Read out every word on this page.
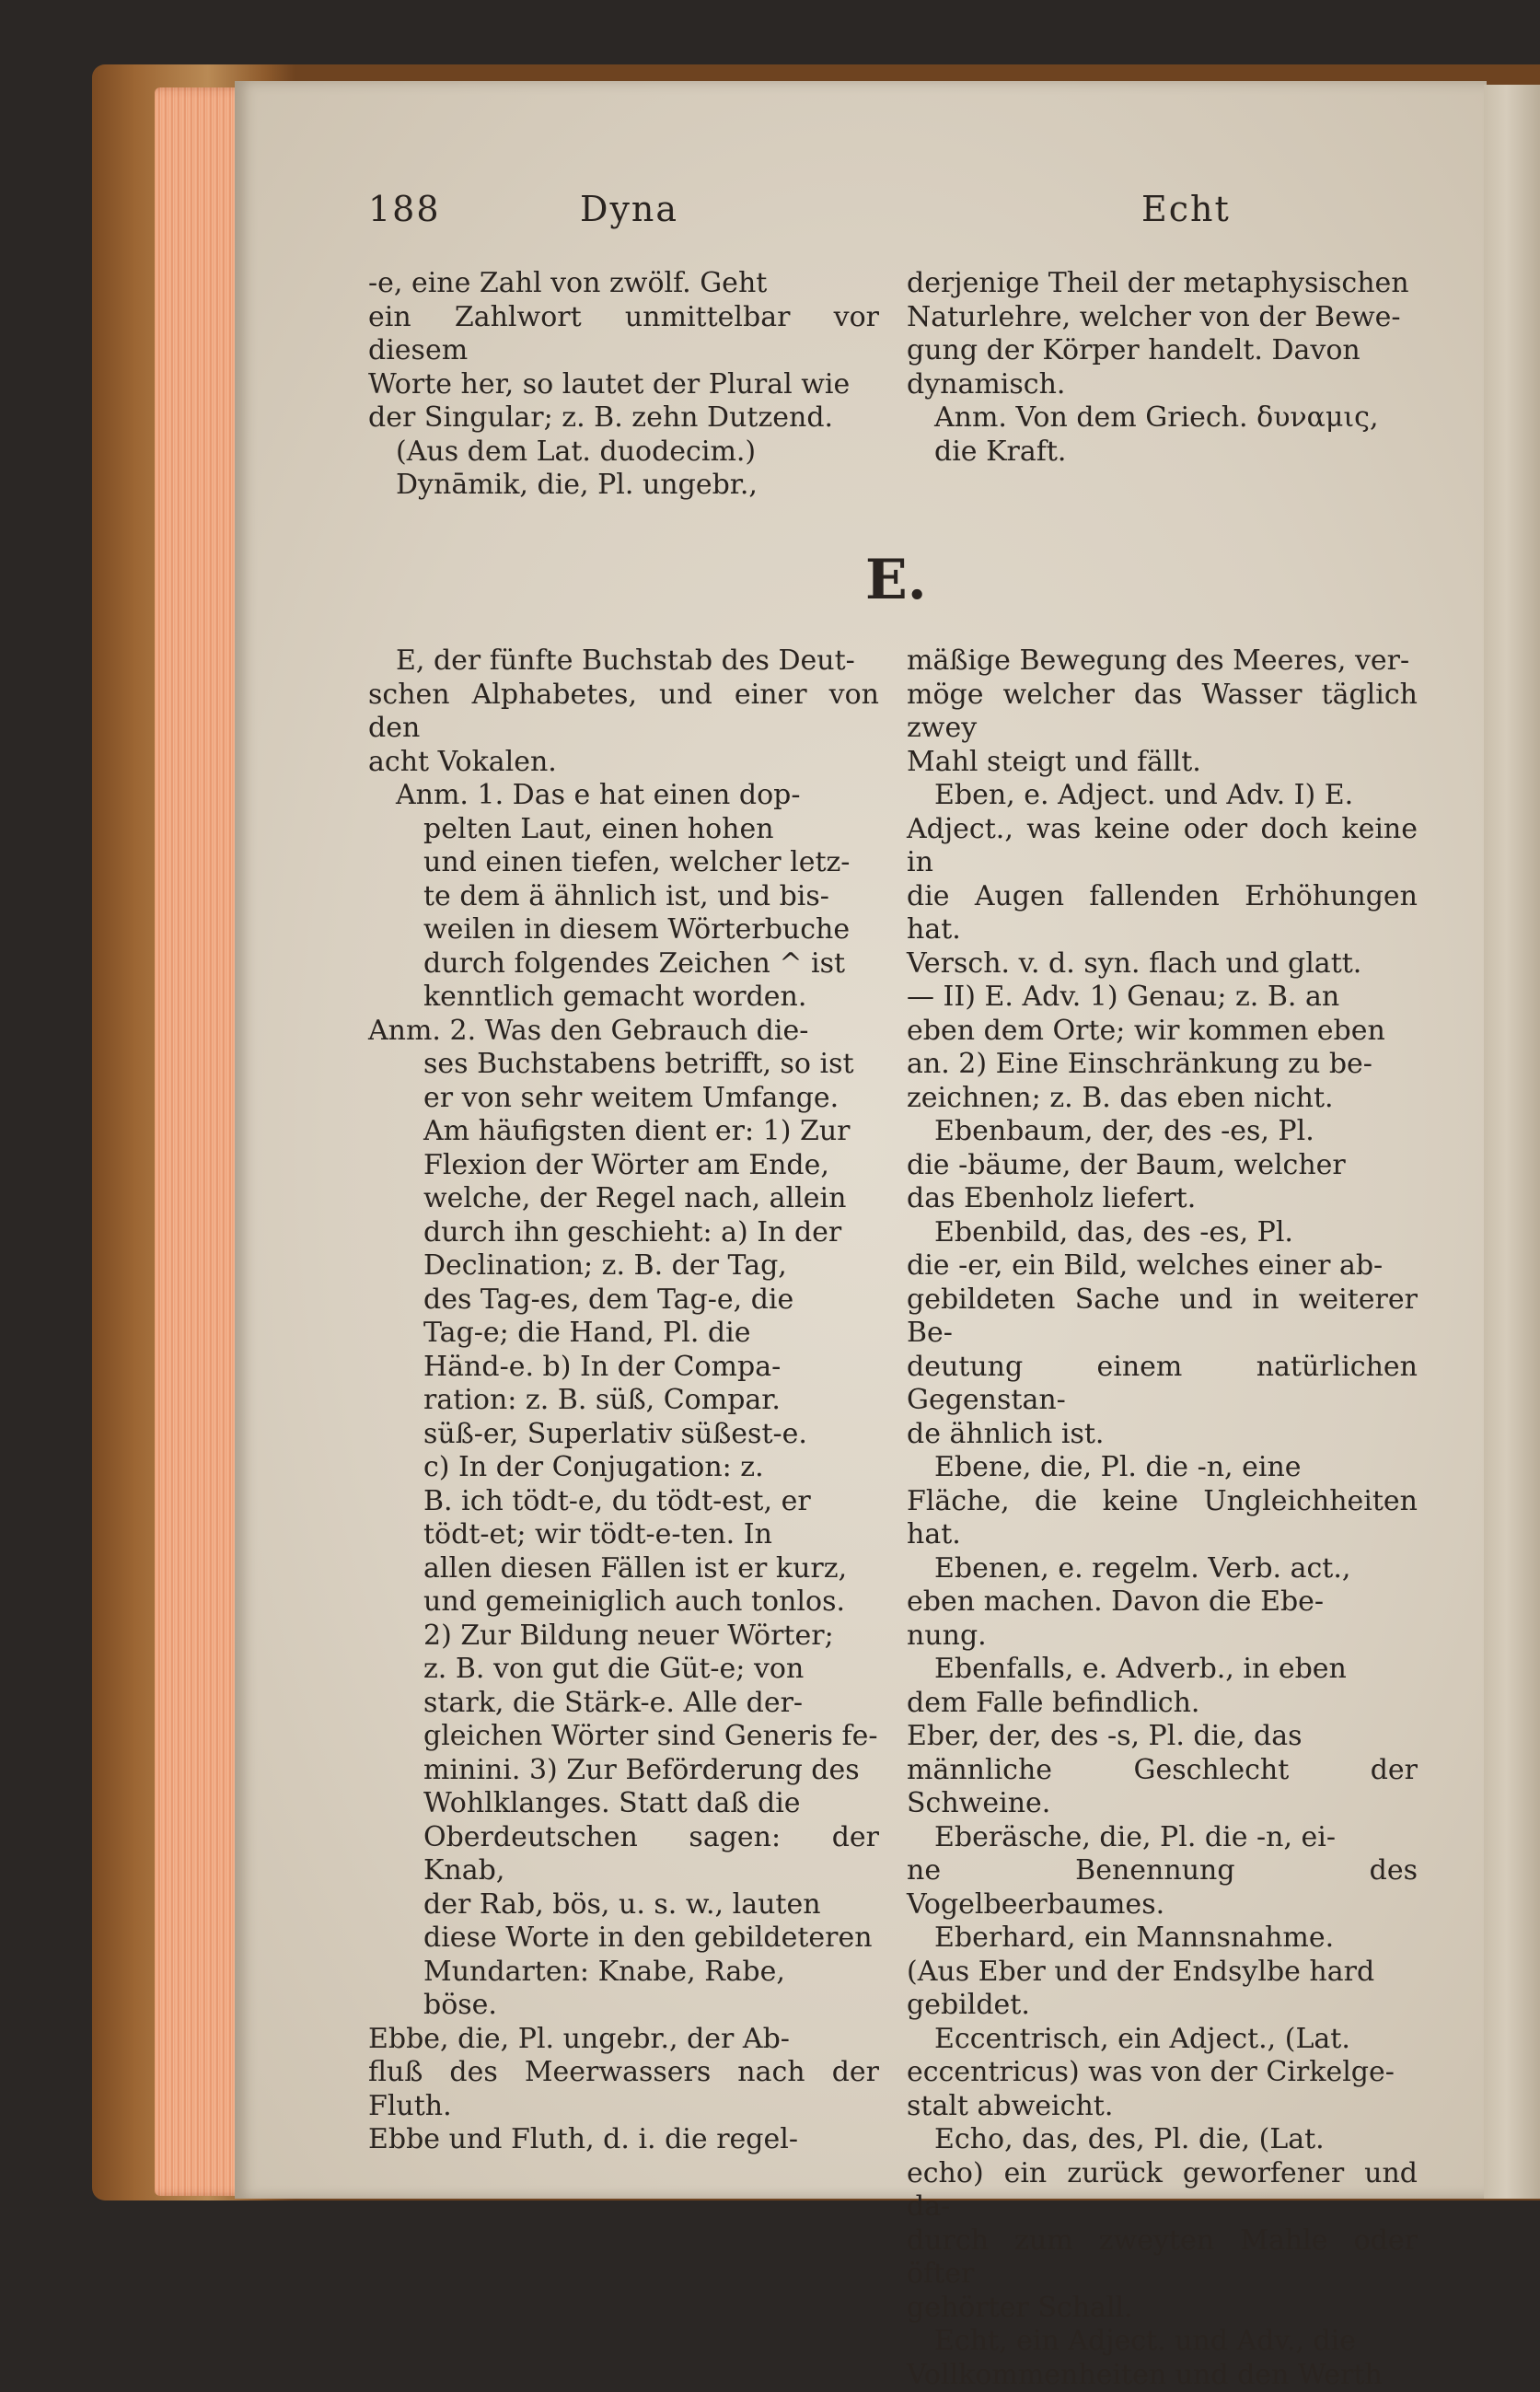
188	Dyna	Echt

-e, eine Zahl von zwölf. Geht

ein Zahlwort unmittelbar vor diesem

Worte her, so lautet der Plural wie

der Singular; z. B. zehn Dutzend.

(Aus dem Lat. duodecim.)

Dynāmik, die, Pl. ungebr.,

derjenige Theil der metaphysischen

Naturlehre, welcher von der Bewe-

gung der Körper handelt. Davon

dynamisch.

Anm. Von dem Griech. δυναμις,

die Kraft.

E.

E, der fünfte Buchstab des Deut-

schen Alphabetes, und einer von den

acht Vokalen.

Anm. 1. Das e hat einen dop-

pelten Laut, einen hohen

und einen tiefen, welcher letz-

te dem ä ähnlich ist, und bis-

weilen in diesem Wörterbuche

durch folgendes Zeichen ^ ist

kenntlich gemacht worden.

Anm. 2. Was den Gebrauch die-

ses Buchstabens betrifft, so ist

er von sehr weitem Umfange.

Am häufigsten dient er: 1) Zur

Flexion der Wörter am Ende,

welche, der Regel nach, allein

durch ihn geschieht: a) In der

Declination; z. B. der Tag,

des Tag-es, dem Tag-e, die

Tag-e; die Hand, Pl. die

Händ-e. b) In der Compa-

ration: z. B. süß, Compar.

süß-er, Superlativ süßest-e.

c) In der Conjugation: z.

B. ich tödt-e, du tödt-est, er

tödt-et; wir tödt-e-ten. In

allen diesen Fällen ist er kurz,

und gemeiniglich auch tonlos.

2) Zur Bildung neuer Wörter;

z. B. von gut die Güt-e; von

stark, die Stärk-e. Alle der-

gleichen Wörter sind Generis fe-

minini. 3) Zur Beförderung des

Wohlklanges. Statt daß die

Oberdeutschen sagen: der Knab,

der Rab, bös, u. s. w., lauten

diese Worte in den gebildeteren

Mundarten: Knabe, Rabe,

böse.

Ebbe, die, Pl. ungebr., der Ab-

fluß des Meerwassers nach der Fluth.

Ebbe und Fluth, d. i. die regel-

mäßige Bewegung des Meeres, ver-

möge welcher das Wasser täglich zwey

Mahl steigt und fällt.

Eben, e. Adject. und Adv. I) E.

Adject., was keine oder doch keine in

die Augen fallenden Erhöhungen hat.

Versch. v. d. syn. flach und glatt.

— II) E. Adv. 1) Genau; z. B. an

eben dem Orte; wir kommen eben

an. 2) Eine Einschränkung zu be-

zeichnen; z. B. das eben nicht.

Ebenbaum, der, des -es, Pl.

die -bäume, der Baum, welcher

das Ebenholz liefert.

Ebenbild, das, des -es, Pl.

die -er, ein Bild, welches einer ab-

gebildeten Sache und in weiterer Be-

deutung einem natürlichen Gegenstan-

de ähnlich ist.

Ebene, die, Pl. die -n, eine

Fläche, die keine Ungleichheiten hat.

Ebenen, e. regelm. Verb. act.,

eben machen. Davon die Ebe-

nung.

Ebenfalls, e. Adverb., in eben

dem Falle befindlich.

Eber, der, des -s, Pl. die, das

männliche Geschlecht der Schweine.

Eberäsche, die, Pl. die -n, ei-

ne Benennung des Vogelbeerbaumes.

Eberhard, ein Mannsnahme.

(Aus Eber und der Endsylbe hard

gebildet.

Eccentrisch, ein Adject., (Lat.

eccentricus) was von der Cirkelge-

stalt abweicht.

Echo, das, des, Pl. die, (Lat.

echo) ein zurück geworfener und da-

durch zum zweyten Mahle oder öfter

gehörter Schall.

Echt, ein Adject. und Adv., die

Vollkommenheiten und den Werth
